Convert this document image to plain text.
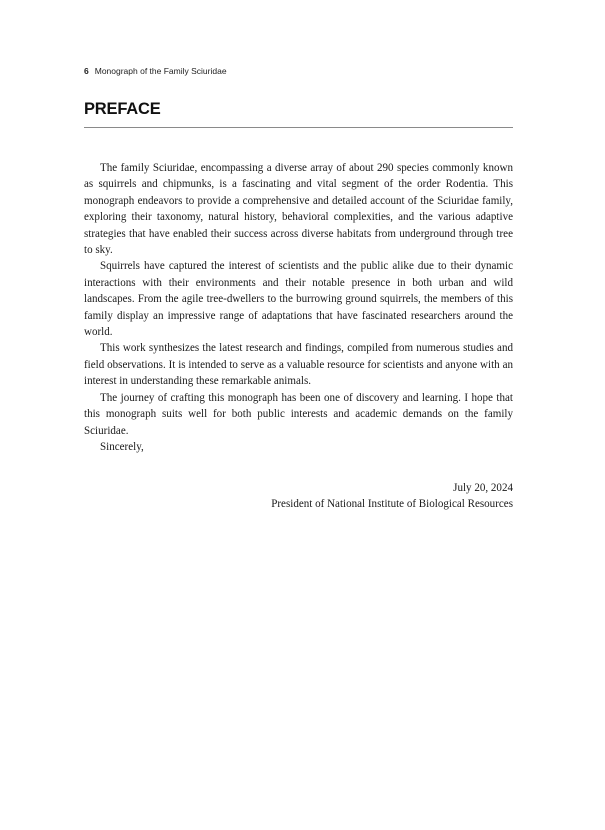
6 Monograph of the Family Sciuridae
PREFACE

The family Sciuridae, encompassing a diverse array of about 290 species commonly known as squirrels and chipmunks, is a fascinating and vital segment of the order Rodentia. This monograph endeavors to provide a comprehensive and detailed account of the Sciuridae family, exploring their taxonomy, natural history, behavioral complexities, and the various adaptive strategies that have enabled their success across diverse habitats from underground through tree to sky.

Squirrels have captured the interest of scientists and the public alike due to their dynamic interactions with their environments and their notable presence in both urban and wild landscapes. From the agile tree-dwellers to the burrowing ground squirrels, the members of this family display an impressive range of adaptations that have fascinated researchers around the world.

This work synthesizes the latest research and findings, compiled from numerous studies and field observations. It is intended to serve as a valuable resource for scientists and anyone with an interest in understanding these remarkable animals.

The journey of crafting this monograph has been one of discovery and learning. I hope that this monograph suits well for both public interests and academic demands on the family Sciuridae.

Sincerely,

July 20, 2024
President of National Institute of Biological Resources
